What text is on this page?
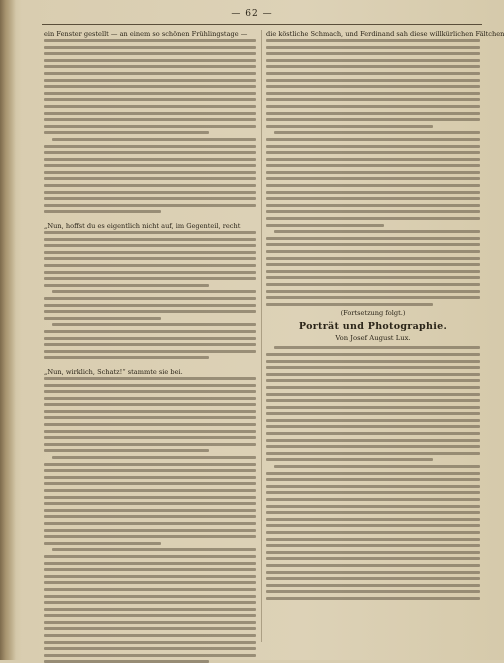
— 62 —
ein Fenster gestellt — an einem so schönen Frühlingstage —
„Nun, hoffst du es eigentlich nicht auf, im Gegenteil, recht
„Nun, wirklich, Schatz!“ stammte sie bei.
die köstliche Schmach, und Ferdinand sah diese willkürlichen Fältchen
(Fortsetzung folgt.)
Porträt und Photographie.
Von Josef August Lux.
